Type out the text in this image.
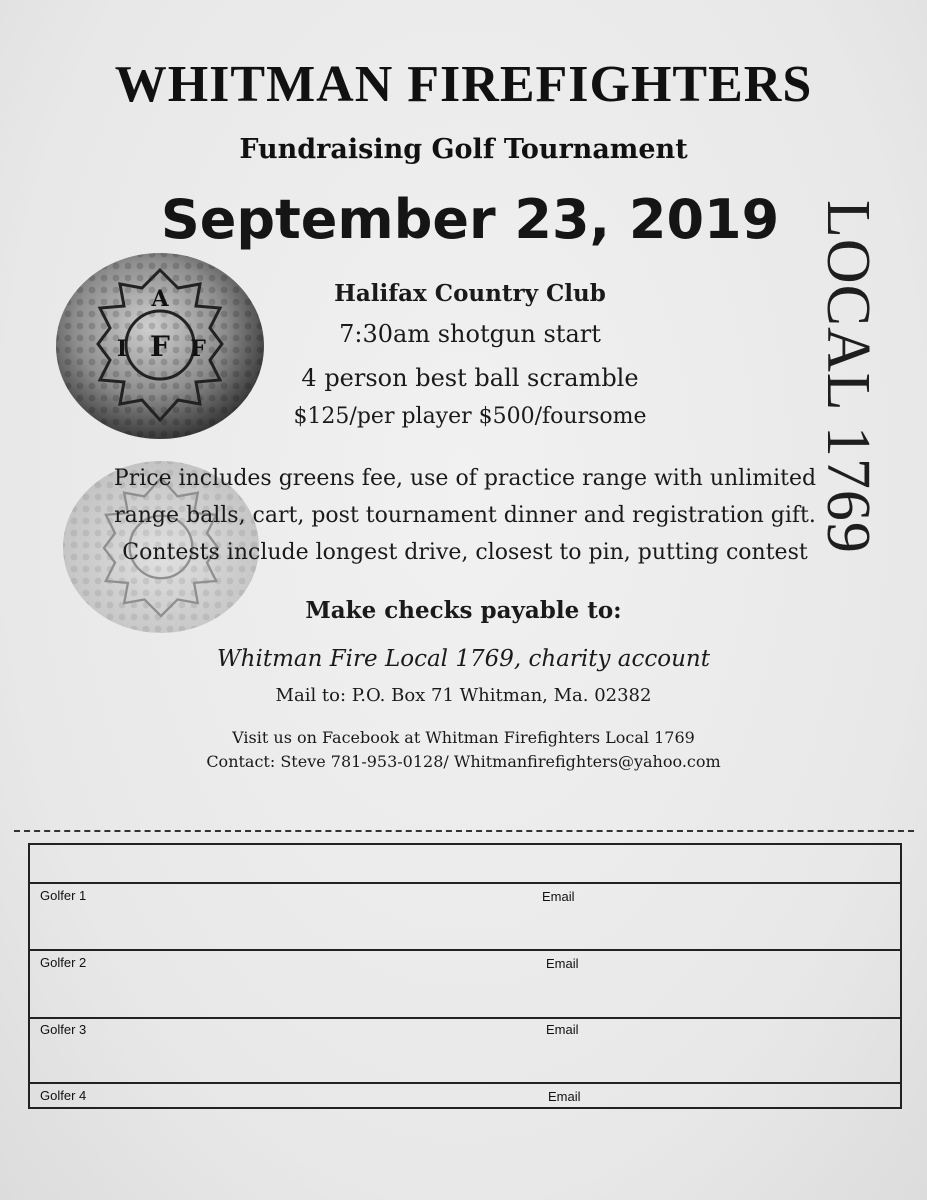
A
I F F
WHITMAN FIREFIGHTERS
Fundraising Golf Tournament
September 23, 2019
Halifax Country Club
7:30am shotgun start
4 person best ball scramble
$125/per player $500/foursome
Price includes greens fee, use of practice range with unlimited
range balls, cart, post tournament dinner and registration gift.
Contests include longest drive, closest to pin, putting contest
Make checks payable to:
Whitman Fire Local 1769, charity account
Mail to: P.O. Box 71 Whitman, Ma. 02382
Visit us on Facebook at Whitman Firefighters Local 1769
Contact: Steve 781-953-0128/ Whitmanfirefighters@yahoo.com
LOCAL 1769
Golfer 1	Email
Golfer 2	Email
Golfer 3	Email
Golfer 4	Email
